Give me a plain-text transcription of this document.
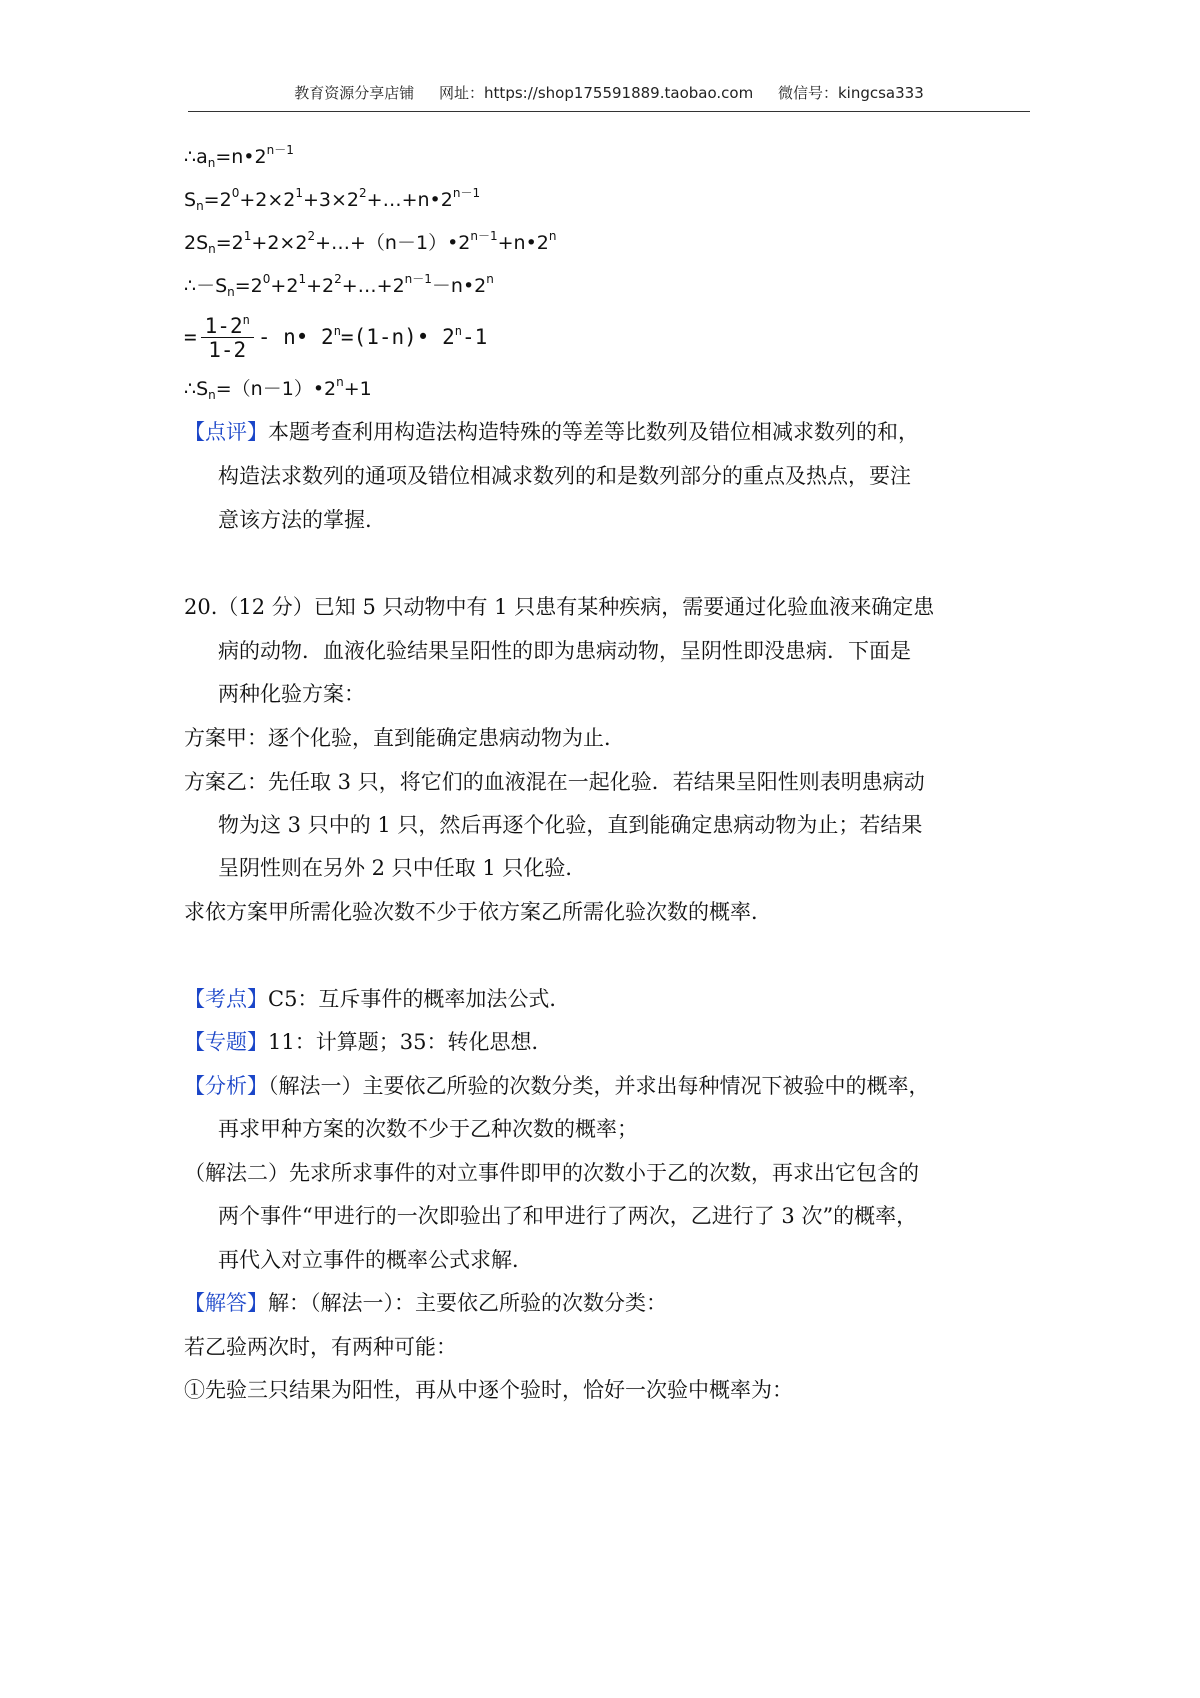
教育资源分享店铺 网址：https://shop175591889.taobao.com 微信号：kingcsa333
$\therefore a_n=n•2^{n-1}$
$S_n=2^0+2\times 2^1+3\times 2^2+\dots+n•2^{n-1}$
$2S_n=2^1+2\times 2^2+\dots+(n-1)•2^{n-1}+n•2^n$
$\therefore-S_n=2^0+2^1+2^2+\dots+2^{n-1}-n•2^n$
= $\frac{1-2^n}{1-2}$ - n• $2^n=(1-n)•$ 2$^n$-1
$\therefore S_n=(n-1)•2^n+1$
【点评】本题考查利用构造法构造特殊的等差等比数列及错位相减求数列的和，
构造法求数列的通项及错位相减求数列的和是数列部分的重点及热点，要注
意该方法的掌握.
20.（12 分）已知 5 只动物中有 1 只患有某种疾病，需要通过化验血液来确定患
病的动物．血液化验结果呈阳性的即为患病动物，呈阴性即没患病．下面是
两种化验方案：
方案甲：逐个化验，直到能确定患病动物为止．
方案乙：先任取 3 只，将它们的血液混在一起化验．若结果呈阳性则表明患病动
物为这 3 只中的 1 只，然后再逐个化验，直到能确定患病动物为止；若结果
呈阴性则在另外 2 只中任取 1 只化验．
求依方案甲所需化验次数不少于依方案乙所需化验次数的概率．
【考点】C5：互斥事件的概率加法公式．
【专题】11：计算题；35：转化思想．
【分析】（解法一）主要依乙所验的次数分类，并求出每种情况下被验中的概率，
再求甲种方案的次数不少于乙种次数的概率；
（解法二）先求所求事件的对立事件即甲的次数小于乙的次数，再求出它包含的
两个事件“甲进行的一次即验出了和甲进行了两次，乙进行了 3 次”的概率，
再代入对立事件的概率公式求解．
【解答】解：（解法一）：主要依乙所验的次数分类：
若乙验两次时，有两种可能：
①先验三只结果为阳性，再从中逐个验时，恰好一次验中概率为：
